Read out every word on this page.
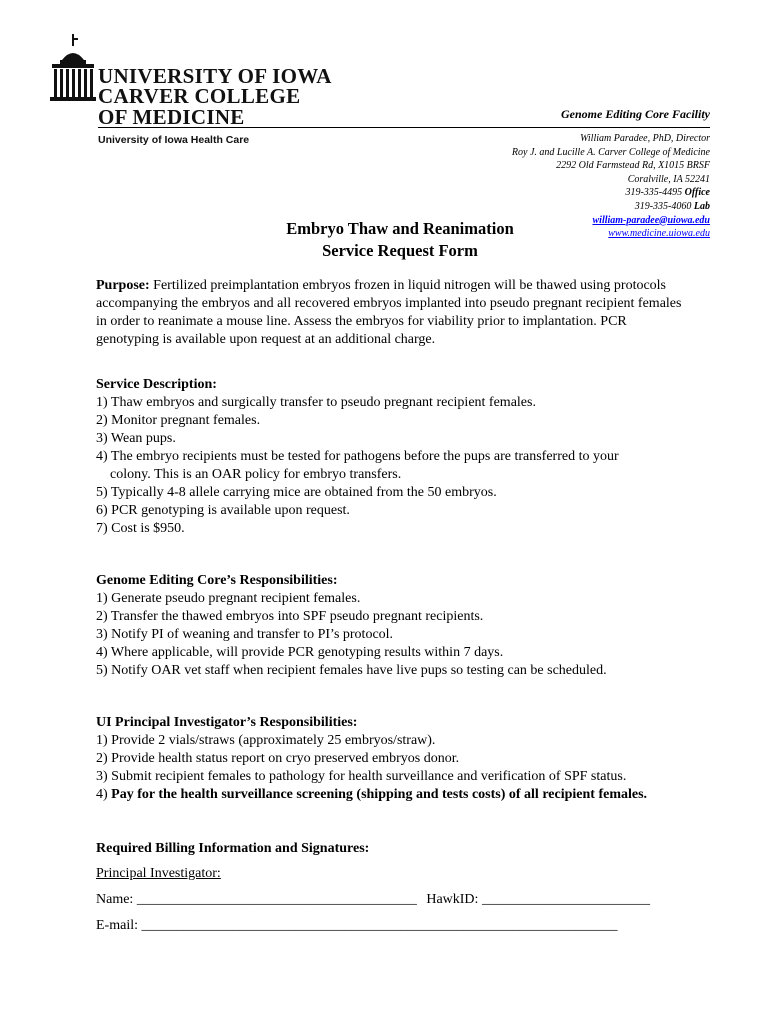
UNIVERSITY OF IOWA
CARVER COLLEGE
OF MEDICINE
University of Iowa Health Care
Genome Editing Core Facility
William Paradee, PhD, Director
Roy J. and Lucille A. Carver College of Medicine
2292 Old Farmstead Rd, X1015 BRSF
Coralville, IA 52241
319-335-4495 Office
319-335-4060 Lab
william-paradee@uiowa.edu
www.medicine.uiowa.edu
Embryo Thaw and Reanimation
Service Request Form
Purpose: Fertilized preimplantation embryos frozen in liquid nitrogen will be thawed using protocols accompanying the embryos and all recovered embryos implanted into pseudo pregnant recipient females in order to reanimate a mouse line. Assess the embryos for viability prior to implantation. PCR genotyping is available upon request at an additional charge.
Service Description:
1) Thaw embryos and surgically transfer to pseudo pregnant recipient females.
2) Monitor pregnant females.
3) Wean pups.
4) The embryo recipients must be tested for pathogens before the pups are transferred to your
colony. This is an OAR policy for embryo transfers.
5) Typically 4-8 allele carrying mice are obtained from the 50 embryos.
6) PCR genotyping is available upon request.
7) Cost is $950.
Genome Editing Core’s Responsibilities:
1) Generate pseudo pregnant recipient females.
2) Transfer the thawed embryos into SPF pseudo pregnant recipients.
3) Notify PI of weaning and transfer to PI’s protocol.
4) Where applicable, will provide PCR genotyping results within 7 days.
5) Notify OAR vet staff when recipient females have live pups so testing can be scheduled.
UI Principal Investigator’s Responsibilities:
1) Provide 2 vials/straws (approximately 25 embryos/straw).
2) Provide health status report on cryo preserved embryos donor.
3) Submit recipient females to pathology for health surveillance and verification of SPF status.
4) Pay for the health surveillance screening (shipping and tests costs) of all recipient females.
Required Billing Information and Signatures:
Principal Investigator:
Name: ________________________________________ HawkID: ________________________
E-mail: ____________________________________________________________________
